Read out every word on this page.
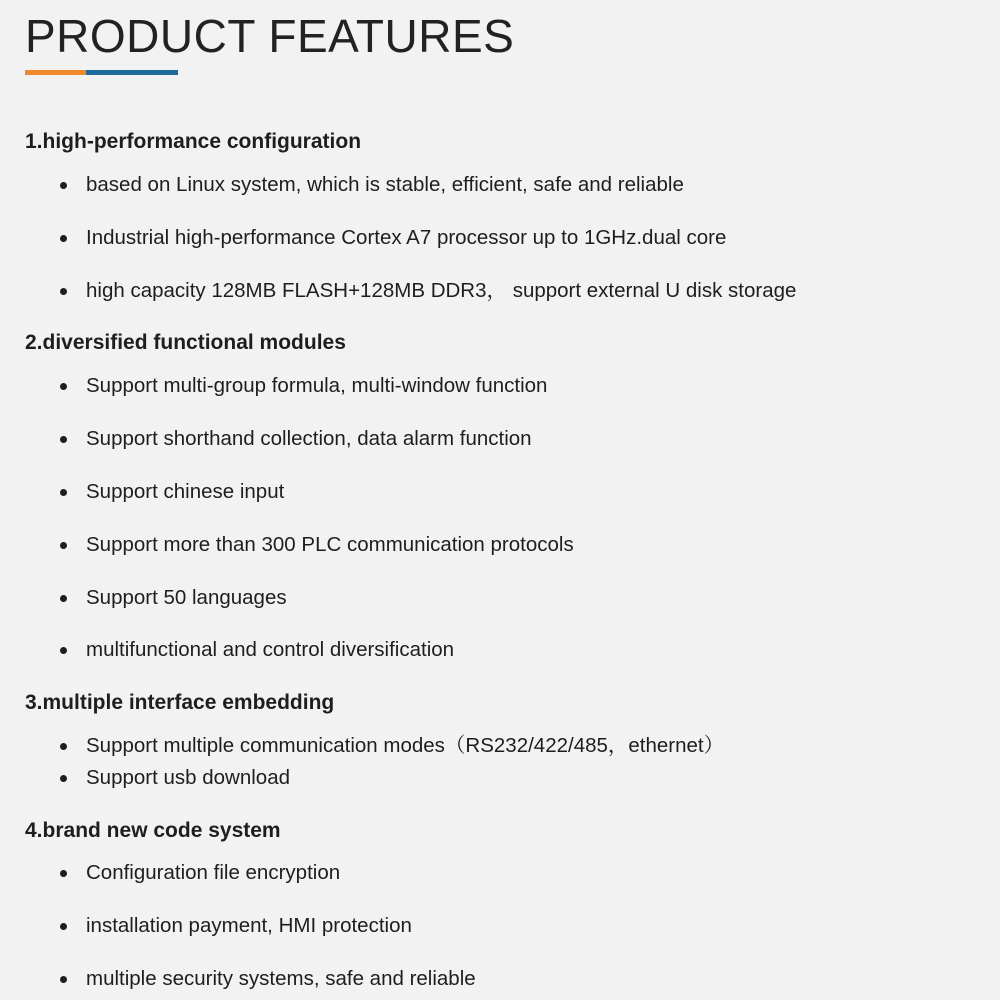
PRODUCT FEATURES
1.high-performance configuration
based on Linux system, which is stable, efficient, safe and reliable
Industrial high-performance Cortex A7 processor up to 1GHz.dual core
high capacity 128MB FLASH+128MB DDR3， support external U disk storage
2.diversified functional modules
Support multi-group formula, multi-window function
Support shorthand collection, data alarm function
Support chinese input
Support more than 300 PLC communication protocols
Support 50 languages
multifunctional and control diversification
3.multiple interface embedding
Support multiple communication modes（RS232/422/485，ethernet）
Support usb download
4.brand new code system
Configuration file encryption
installation payment, HMI protection
multiple security systems, safe and reliable
